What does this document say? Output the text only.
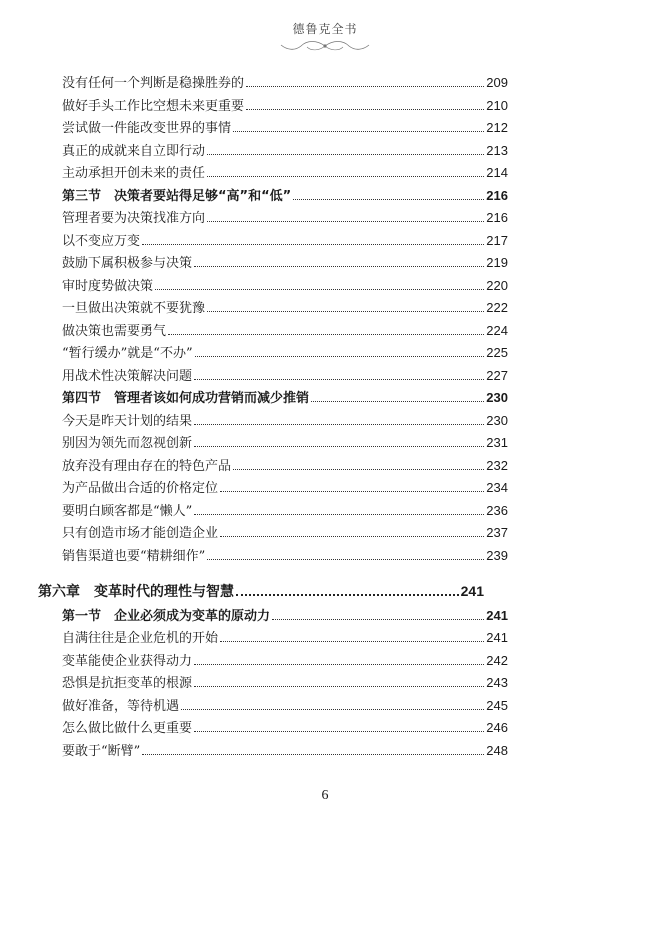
德鲁克全书
没有任何一个判断是稳操胜券的	209
做好手头工作比空想未来更重要	210
尝试做一件能改变世界的事情	212
真正的成就来自立即行动	213
主动承担开创未来的责任	214
第三节　决策者要站得足够“高”和“低”	216
管理者要为决策找准方向	216
以不变应万变	217
鼓励下属积极参与决策	219
审时度势做决策	220
一旦做出决策就不要犹豫	222
做决策也需要勇气	224
“暂行缓办”就是“不办”	225
用战术性决策解决问题	227
第四节　管理者该如何成功营销而减少推销	230
今天是昨天计划的结果	230
别因为领先而忽视创新	231
放弃没有理由存在的特色产品	232
为产品做出合适的价格定位	234
要明白顾客都是“懒人”	236
只有创造市场才能创造企业	237
销售渠道也要“精耕细作”	239
第六章　变革时代的理性与智慧	241
第一节　企业必须成为变革的原动力	241
自满往往是企业危机的开始	241
变革能使企业获得动力	242
恐惧是抗拒变革的根源	243
做好准备，等待机遇	245
怎么做比做什么更重要	246
要敢于“断臂”	248
6
